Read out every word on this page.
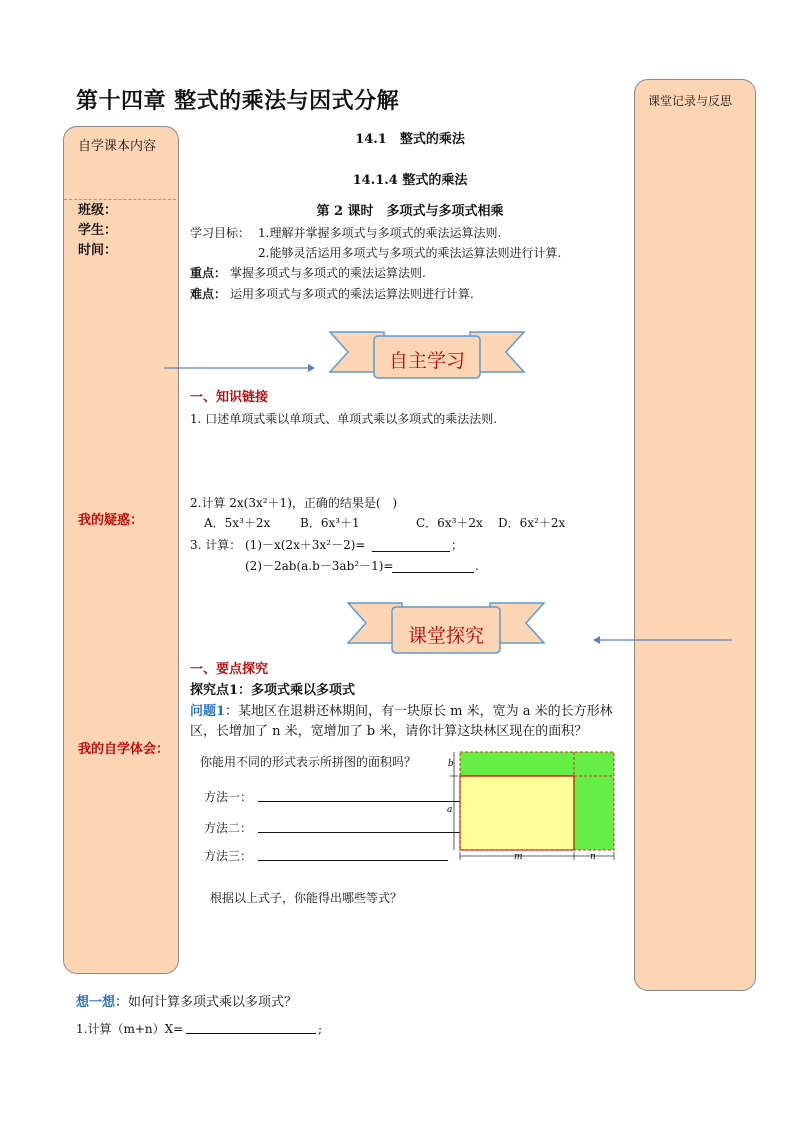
第十四章 整式的乘法与因式分解
自学课本内容
班级：
学生：
时间：
我的疑惑：
我的自学体会：
课堂记录与反思
14.1　整式的乘法
14.1.4 整式的乘法
第 2 课时　多项式与多项式相乘
学习目标： 1.理解并掌握多项式与多项式的乘法运算法则.
2.能够灵活运用多项式与多项式的乘法运算法则进行计算.
重点： 掌握多项式与多项式的乘法运算法则.
难点： 运用多项式与多项式的乘法运算法则进行计算.
自主学习
一、知识链接
1. 口述单项式乘以单项式、单项式乘以多项式的乘法法则.
2.计算 2x(3x²＋1)，正确的结果是(　)
A．5x³＋2x B．6x³＋1	C．6x³＋2x D．6x²＋2x
3. 计算： (1)－x(2x＋3x²－2)=	；
(2)－2ab(a.b－3ab²－1)=	.
课堂探究
一、要点探究
探究点1：多项式乘以多项式
问题1：某地区在退耕还林期间，有一块原长 m 米，宽为 a 米的长方形林区，长增加了 n 米，宽增加了 b 米，请你计算这块林区现在的面积？
你能用不同的形式表示所拼图的面积吗？
方法一：
方法二：
方法三：
b
a
m	n
根据以上式子，你能得出哪些等式？
想一想：如何计算多项式乘以多项式？
1.计算（m+n）X=	;
